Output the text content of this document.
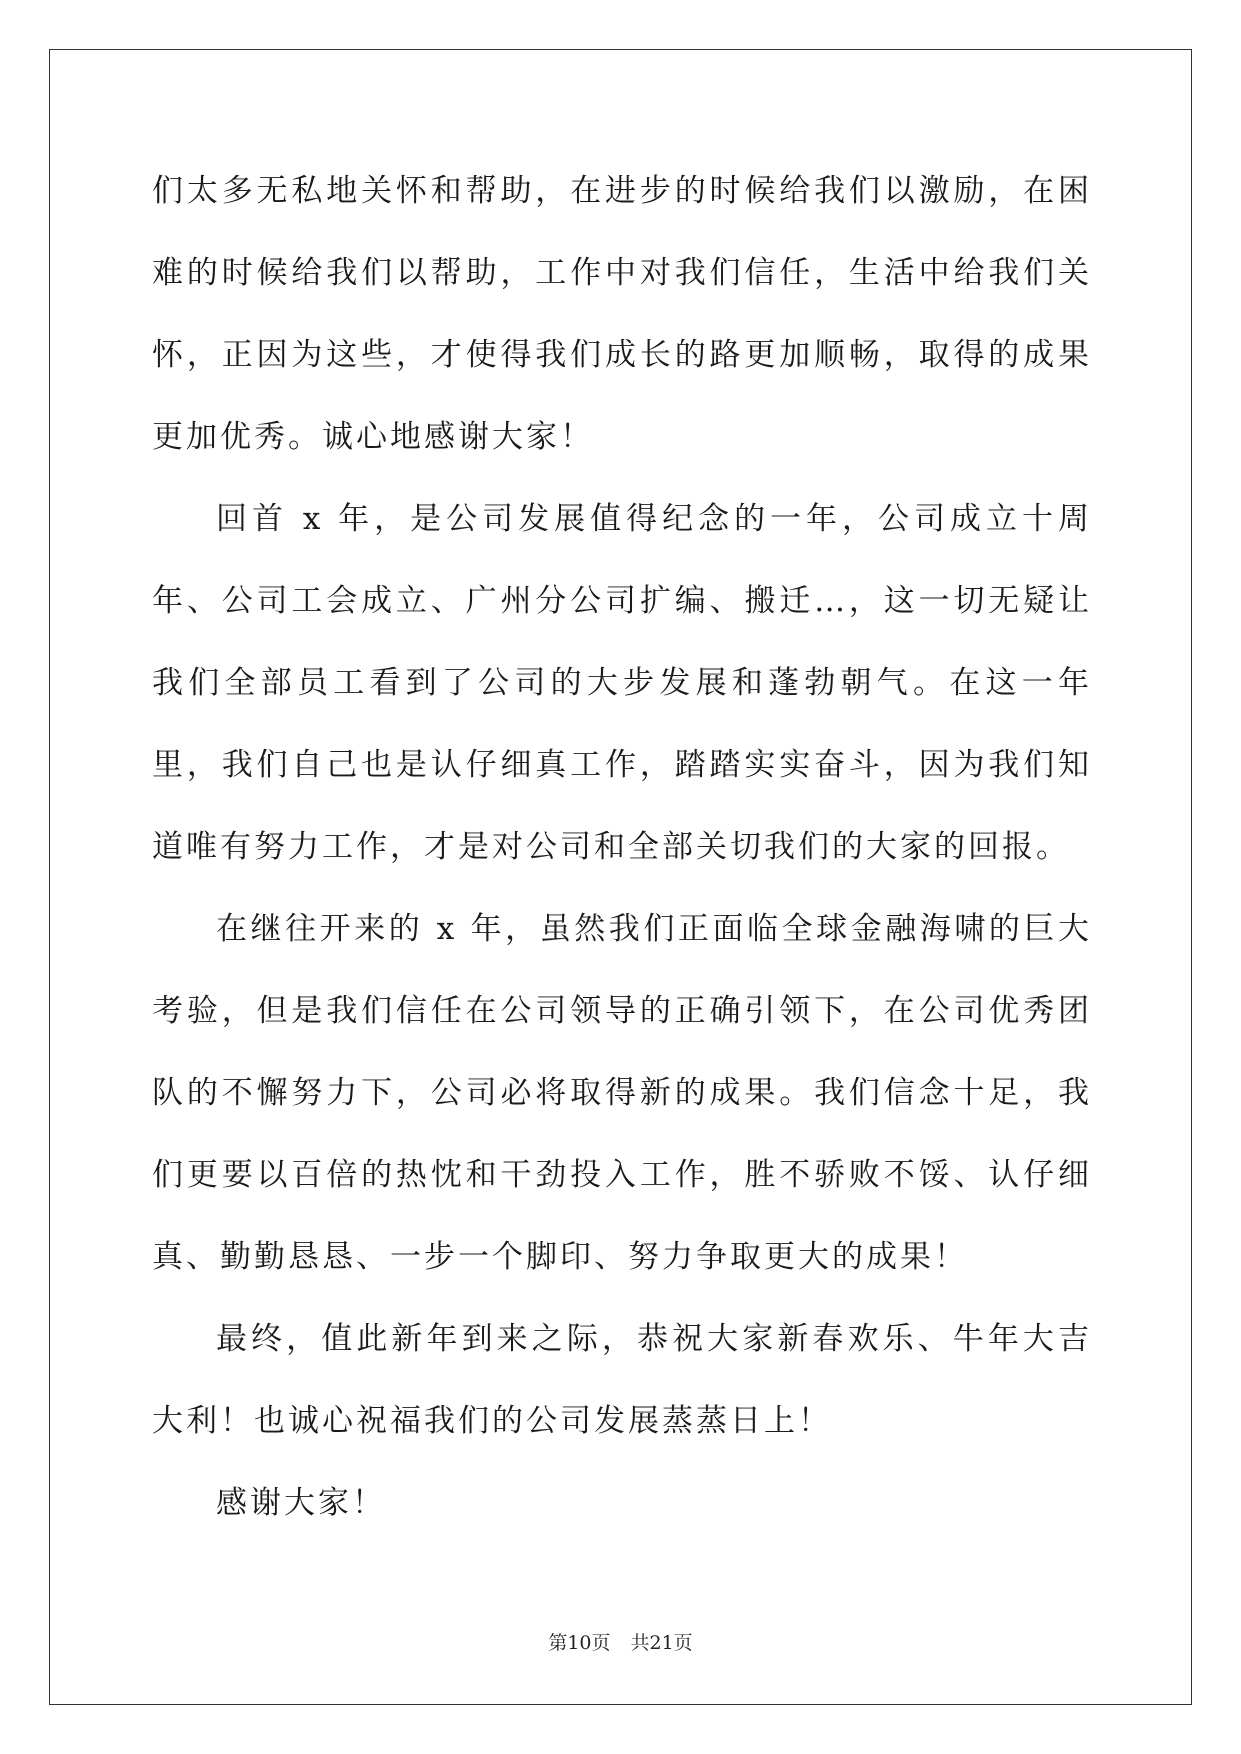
们太多无私地关怀和帮助，在进步的时候给我们以激励，在困难的时候给我们以帮助，工作中对我们信任，生活中给我们关怀，正因为这些，才使得我们成长的路更加顺畅，取得的成果更加优秀。诚心地感谢大家！

回首 x 年，是公司发展值得纪念的一年，公司成立十周年、公司工会成立、广州分公司扩编、搬迁…，这一切无疑让我们全部员工看到了公司的大步发展和蓬勃朝气。在这一年里，我们自己也是认仔细真工作，踏踏实实奋斗，因为我们知道唯有努力工作，才是对公司和全部关切我们的大家的回报。

在继往开来的 x 年，虽然我们正面临全球金融海啸的巨大考验，但是我们信任在公司领导的正确引领下，在公司优秀团队的不懈努力下，公司必将取得新的成果。我们信念十足，我们更要以百倍的热忱和干劲投入工作，胜不骄败不馁、认仔细真、勤勤恳恳、一步一个脚印、努力争取更大的成果！

最终，值此新年到来之际，恭祝大家新春欢乐、牛年大吉大利！也诚心祝福我们的公司发展蒸蒸日上！

感谢大家！

第10页 共21页
